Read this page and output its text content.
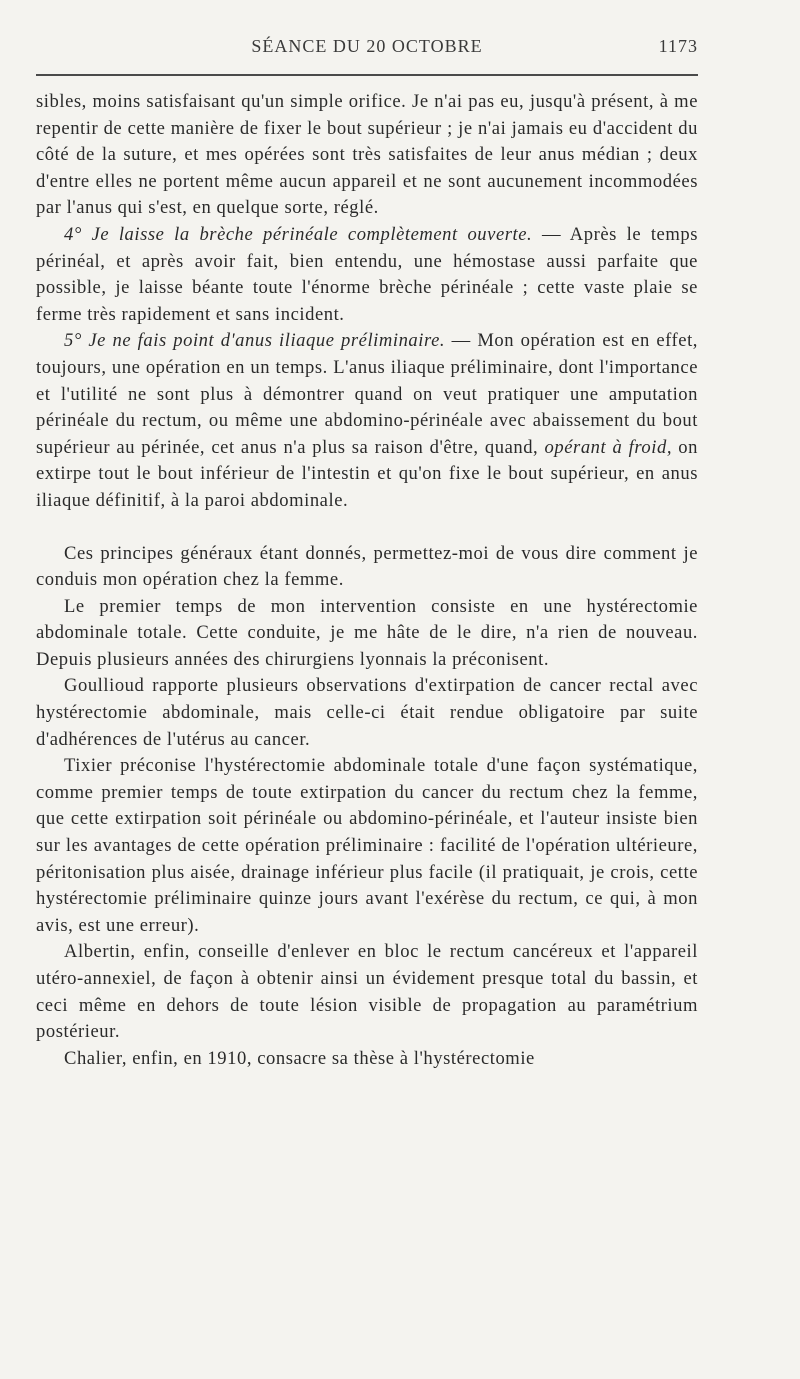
SÉANCE DU 20 OCTOBRE	1173

sibles, moins satisfaisant qu'un simple orifice. Je n'ai pas eu, jusqu'à présent, à me repentir de cette manière de fixer le bout supérieur ; je n'ai jamais eu d'accident du côté de la suture, et mes opérées sont très satisfaites de leur anus médian ; deux d'entre elles ne portent même aucun appareil et ne sont aucunement incommodées par l'anus qui s'est, en quelque sorte, réglé.

4° Je laisse la brèche périnéale complètement ouverte. — Après le temps périnéal, et après avoir fait, bien entendu, une hémostase aussi parfaite que possible, je laisse béante toute l'énorme brèche périnéale ; cette vaste plaie se ferme très rapidement et sans incident.

5° Je ne fais point d'anus iliaque préliminaire. — Mon opération est en effet, toujours, une opération en un temps. L'anus iliaque préliminaire, dont l'importance et l'utilité ne sont plus à démontrer quand on veut pratiquer une amputation périnéale du rectum, ou même une abdomino-périnéale avec abaissement du bout supérieur au périnée, cet anus n'a plus sa raison d'être, quand, opérant à froid, on extirpe tout le bout inférieur de l'intestin et qu'on fixe le bout supérieur, en anus iliaque définitif, à la paroi abdominale.

Ces principes généraux étant donnés, permettez-moi de vous dire comment je conduis mon opération chez la femme.

Le premier temps de mon intervention consiste en une hystérectomie abdominale totale. Cette conduite, je me hâte de le dire, n'a rien de nouveau. Depuis plusieurs années des chirurgiens lyonnais la préconisent.

Goullioud rapporte plusieurs observations d'extirpation de cancer rectal avec hystérectomie abdominale, mais celle-ci était rendue obligatoire par suite d'adhérences de l'utérus au cancer.

Tixier préconise l'hystérectomie abdominale totale d'une façon systématique, comme premier temps de toute extirpation du cancer du rectum chez la femme, que cette extirpation soit périnéale ou abdomino-périnéale, et l'auteur insiste bien sur les avantages de cette opération préliminaire : facilité de l'opération ultérieure, péritonisation plus aisée, drainage inférieur plus facile (il pratiquait, je crois, cette hystérectomie préliminaire quinze jours avant l'exérèse du rectum, ce qui, à mon avis, est une erreur).

Albertin, enfin, conseille d'enlever en bloc le rectum cancéreux et l'appareil utéro-annexiel, de façon à obtenir ainsi un évidement presque total du bassin, et ceci même en dehors de toute lésion visible de propagation au paramétrium postérieur.

Chalier, enfin, en 1910, consacre sa thèse à l'hystérectomie
